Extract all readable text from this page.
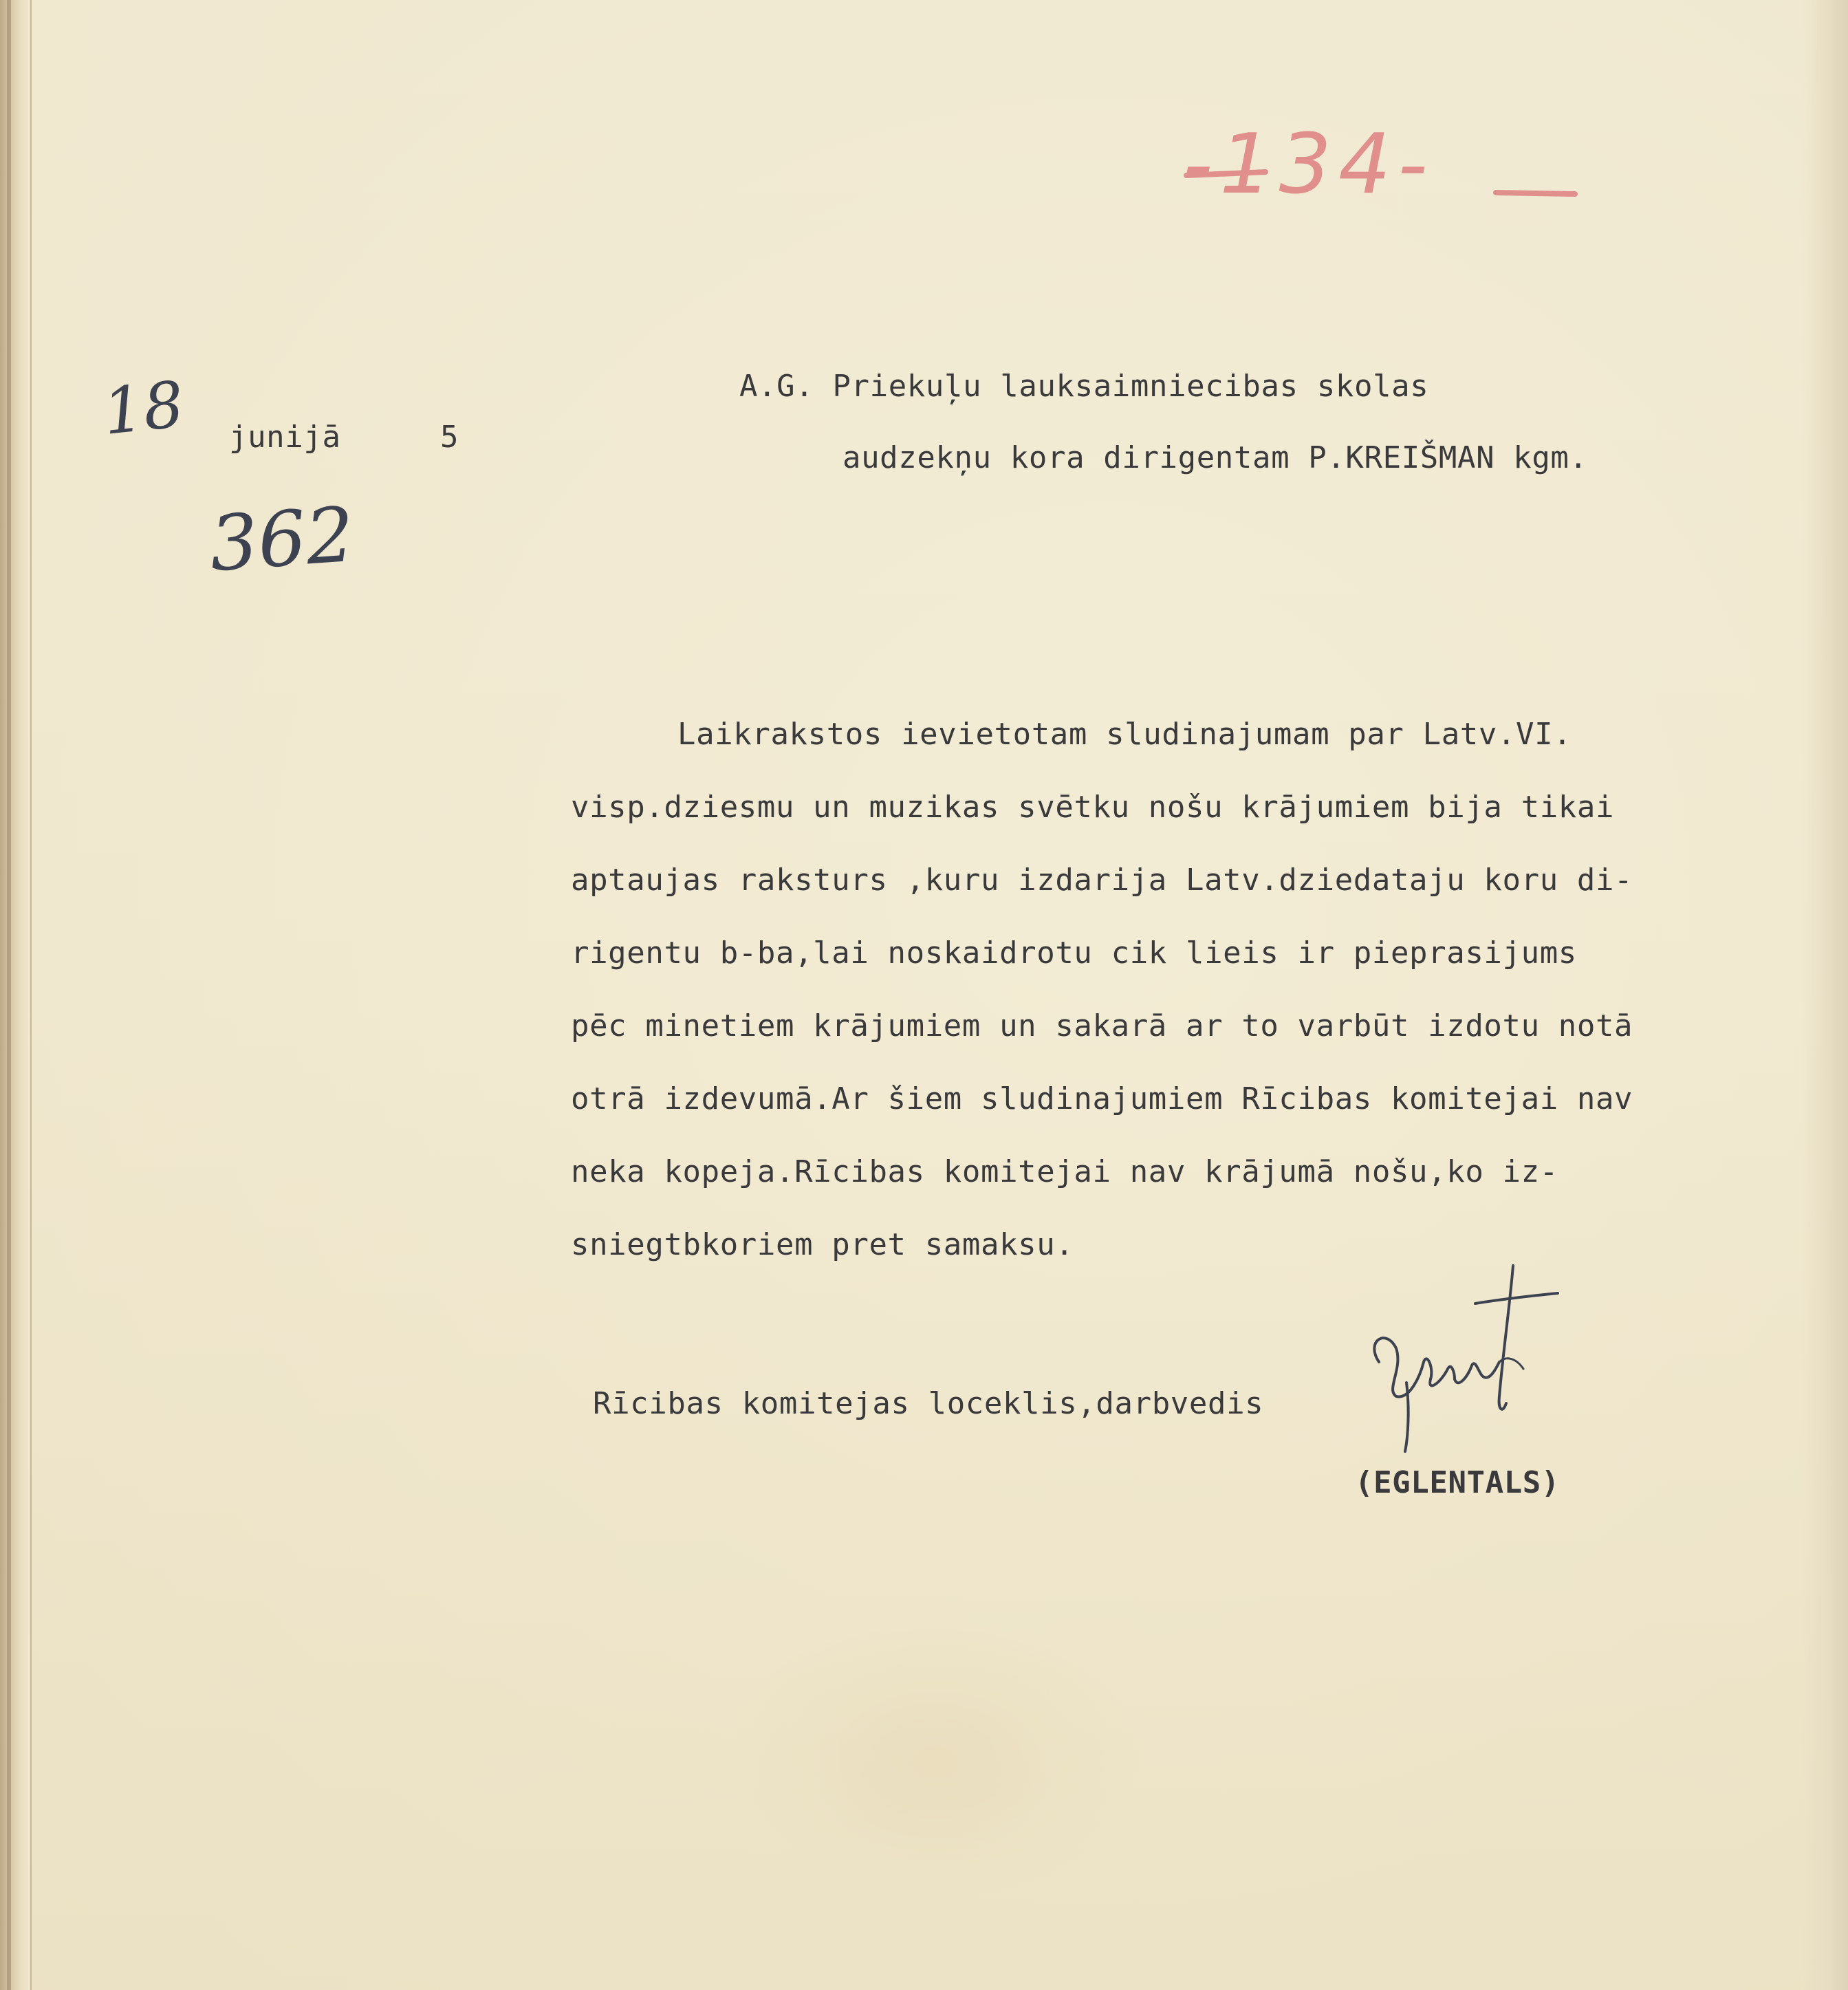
-134-
18 junijā	5
362
A.G. Priekuļu lauksaimniecibas skolas
audzekņu kora dirigentam P.KREIŠMAN kgm.
Laikrakstos ievietotam sludinajumam par Latv.VI.
visp.dziesmu un muzikas svētku nošu krājumiem bija tikai
aptaujas raksturs ,kuru izdarija Latv.dziedataju koru di-
rigentu b-ba,lai noskaidrotu cik lieis ir pieprasijums
pēc minetiem krājumiem un sakarā ar to varbūt izdotu notā
otrā izdevumā.Ar šiem sludinajumiem Rīcibas komitejai nav
neka kopeja.Rīcibas komitejai nav krājumā nošu,ko iz-
sniegtbkoriem pret samaksu.
Rīcibas komitejas loceklis,darbvedis
(EGLENTALS)
